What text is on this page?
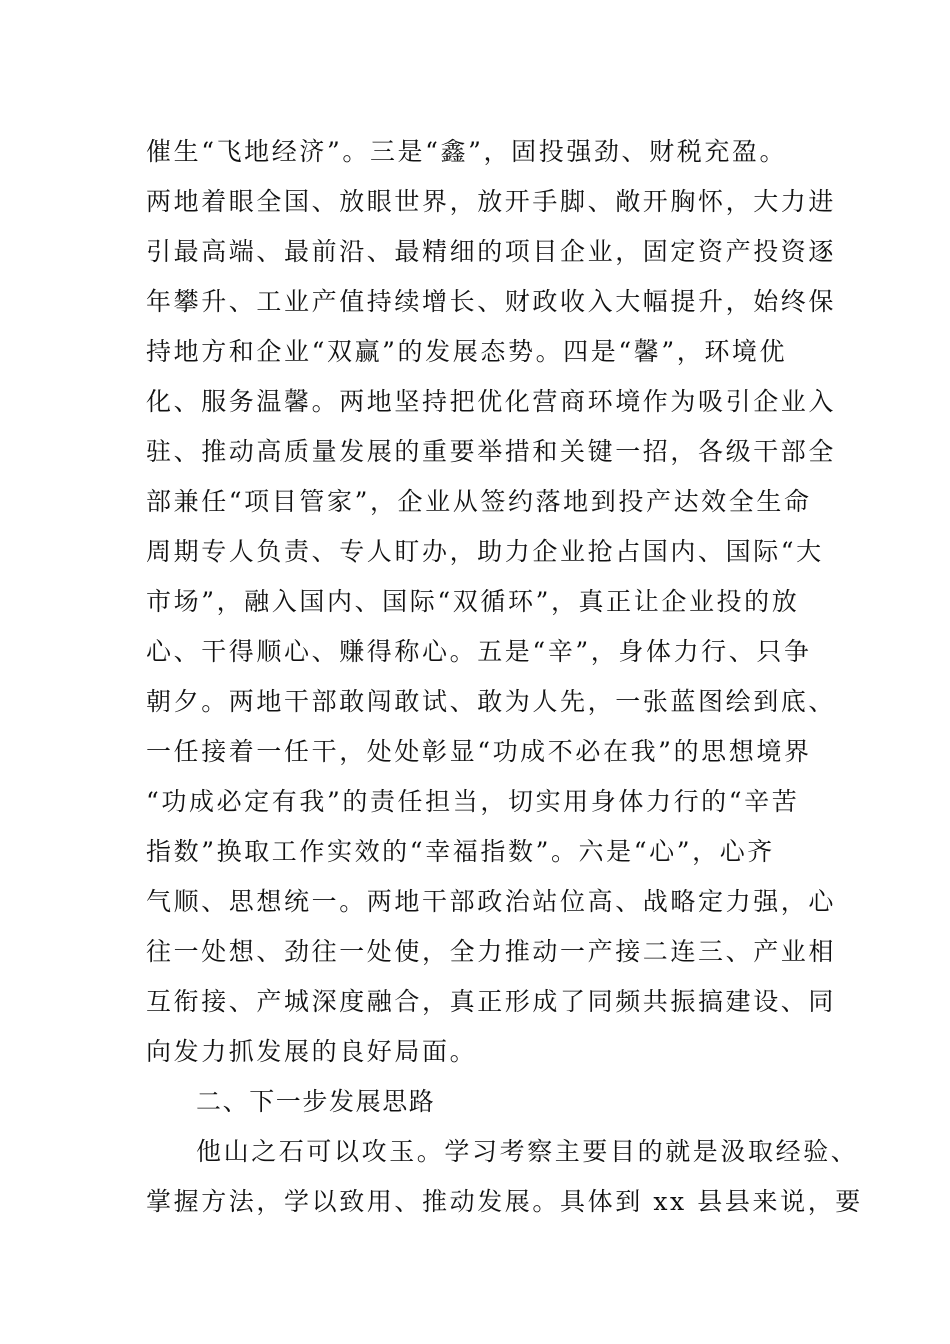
催生“飞地经济”。三是“鑫”，固投强劲、财税充盈。
两地着眼全国、放眼世界，放开手脚、敞开胸怀，大力进
引最高端、最前沿、最精细的项目企业，固定资产投资逐
年攀升、工业产值持续增长、财政收入大幅提升，始终保
持地方和企业“双赢”的发展态势。四是“馨”，环境优
化、服务温馨。两地坚持把优化营商环境作为吸引企业入
驻、推动高质量发展的重要举措和关键一招，各级干部全
部兼任“项目管家”，企业从签约落地到投产达效全生命
周期专人负责、专人盯办，助力企业抢占国内、国际“大
市场”，融入国内、国际“双循环”，真正让企业投的放
心、干得顺心、赚得称心。五是“辛”，身体力行、只争
朝夕。两地干部敢闯敢试、敢为人先，一张蓝图绘到底、
一任接着一任干，处处彰显“功成不必在我”的思想境界
“功成必定有我”的责任担当，切实用身体力行的“辛苦
指数”换取工作实效的“幸福指数”。六是“心”，心齐
气顺、思想统一。两地干部政治站位高、战略定力强，心
往一处想、劲往一处使，全力推动一产接二连三、产业相
互衔接、产城深度融合，真正形成了同频共振搞建设、同
向发力抓发展的良好局面。
二、下一步发展思路
他山之石可以攻玉。学习考察主要目的就是汲取经验、
掌握方法，学以致用、推动发展。具体到 xx 县县来说，要
